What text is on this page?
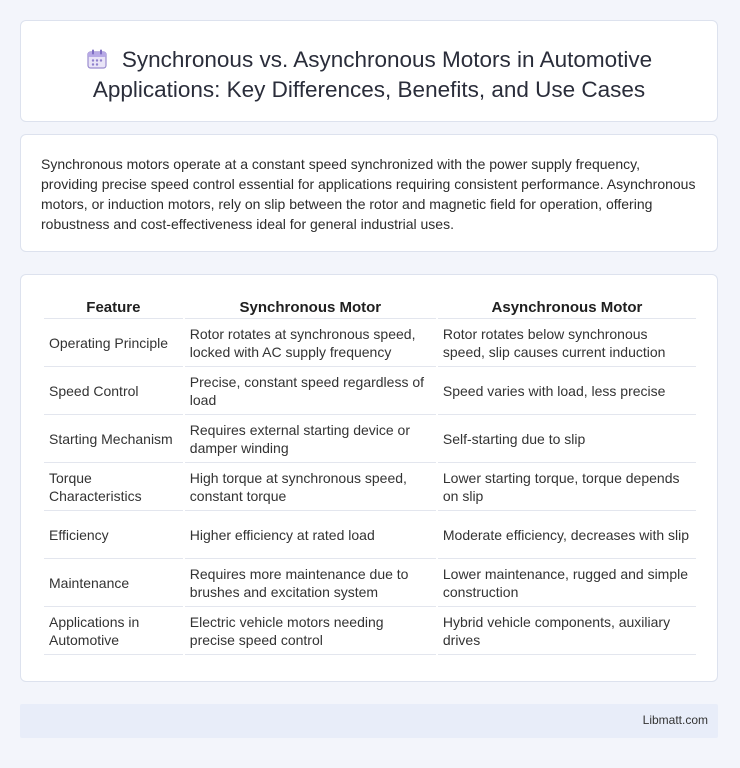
Synchronous vs. Asynchronous Motors in Automotive Applications: Key Differences, Benefits, and Use Cases
Synchronous motors operate at a constant speed synchronized with the power supply frequency, providing precise speed control essential for applications requiring consistent performance. Asynchronous motors, or induction motors, rely on slip between the rotor and magnetic field for operation, offering robustness and cost-effectiveness ideal for general industrial uses.
Feature	Synchronous Motor	Asynchronous Motor
Operating Principle	Rotor rotates at synchronous speed, locked with AC supply frequency	Rotor rotates below synchronous speed, slip causes current induction
Speed Control	Precise, constant speed regardless of load	Speed varies with load, less precise
Starting Mechanism	Requires external starting device or damper winding	Self-starting due to slip
Torque Characteristics	High torque at synchronous speed, constant torque	Lower starting torque, torque depends on slip
Efficiency	Higher efficiency at rated load	Moderate efficiency, decreases with slip
Maintenance	Requires more maintenance due to brushes and excitation system	Lower maintenance, rugged and simple construction
Applications in Automotive	Electric vehicle motors needing precise speed control	Hybrid vehicle components, auxiliary drives
Libmatt.com
